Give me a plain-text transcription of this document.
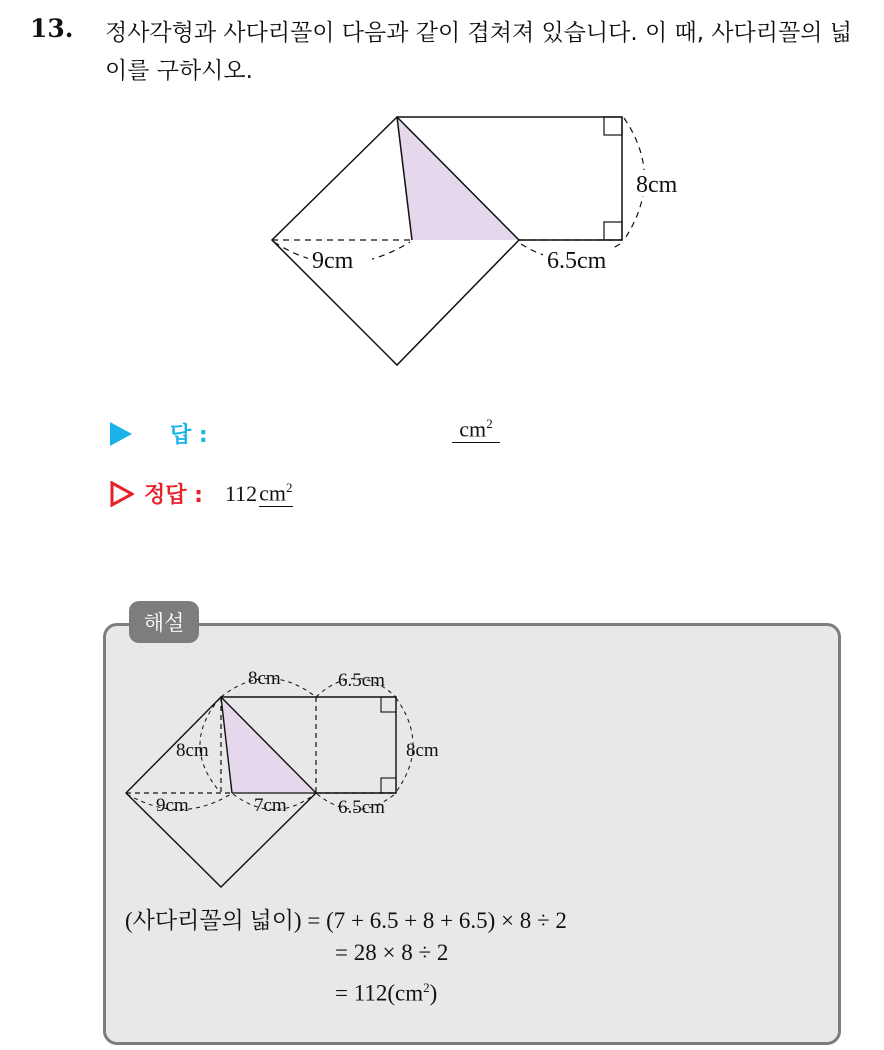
13. 정사각형과 사다리꼴이 다음과 같이 겹쳐져 있습니다. 이 때, 사다리꼴의 넓이를 구하시오.
8cm
9cm	6.5cm
답 :	$cm^2$
정답 : 112 $cm^2$
해설
8cm	6.5cm
8cm	8cm
9cm	7cm	6.5cm
(사다리꼴의 넓이) = (7 + 6.5 + 8 + 6.5) × 8 ÷ 2
= 28 × 8 ÷ 2
= $112(cm^2)$
